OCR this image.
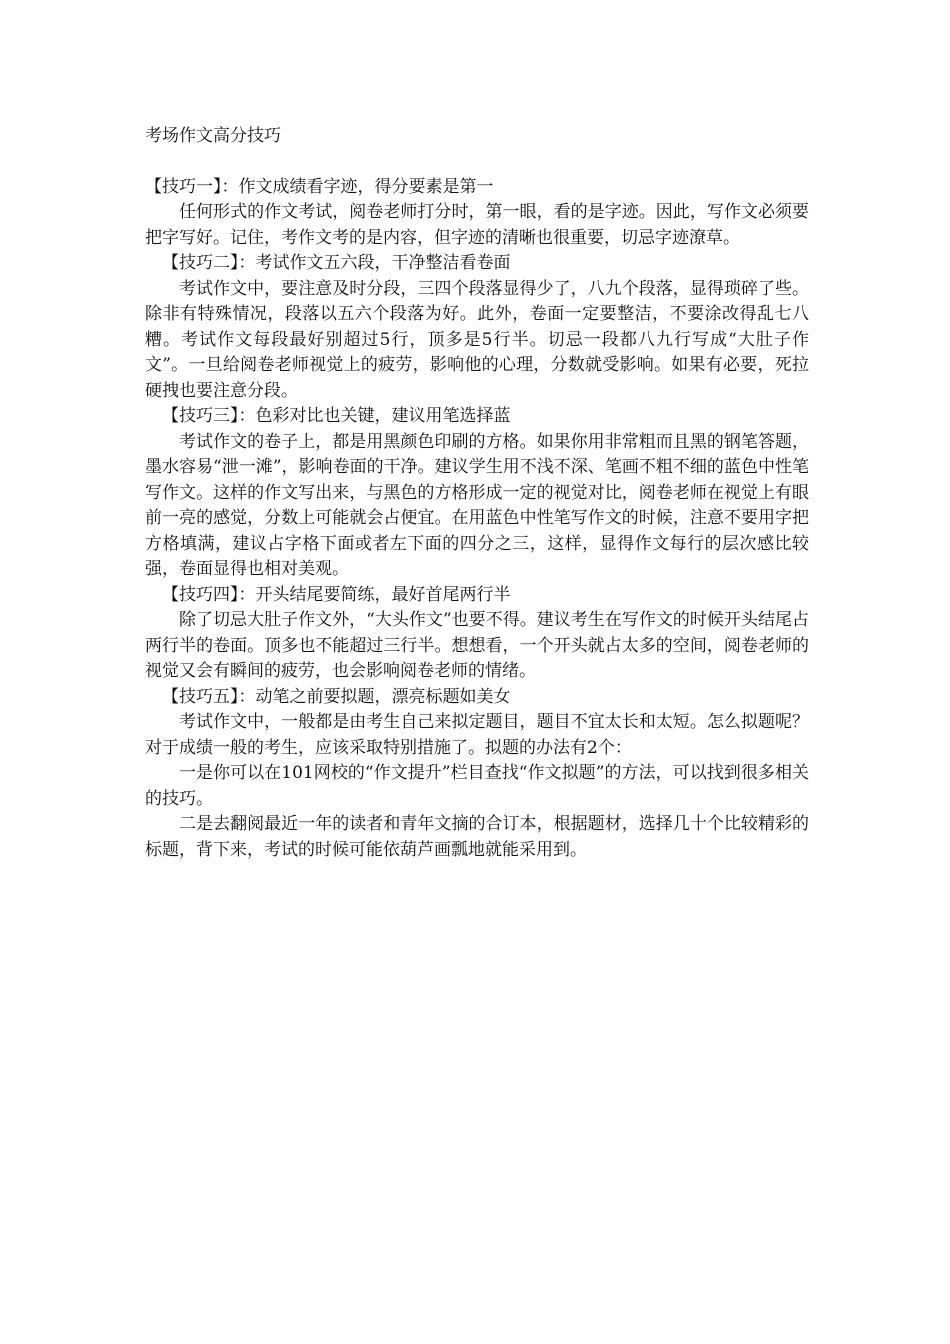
考场作文高分技巧

【技巧一】：作文成绩看字迹，得分要素是第一

任何形式的作文考试，阅卷老师打分时，第一眼，看的是字迹。因此，写作文必须要把字写好。记住，考作文考的是内容，但字迹的清晰也很重要，切忌字迹潦草。

【技巧二】：考试作文五六段，干净整洁看卷面

考试作文中，要注意及时分段，三四个段落显得少了，八九个段落，显得琐碎了些。除非有特殊情况，段落以五六个段落为好。此外，卷面一定要整洁，不要涂改得乱七八糟。考试作文每段最好别超过5行，顶多是5行半。切忌一段都八九行写成“大肚子作文”。一旦给阅卷老师视觉上的疲劳，影响他的心理，分数就受影响。如果有必要，死拉硬拽也要注意分段。

【技巧三】：色彩对比也关键，建议用笔选择蓝

考试作文的卷子上，都是用黑颜色印刷的方格。如果你用非常粗而且黑的钢笔答题，墨水容易“泄一滩”，影响卷面的干净。建议学生用不浅不深、笔画不粗不细的蓝色中性笔写作文。这样的作文写出来，与黑色的方格形成一定的视觉对比，阅卷老师在视觉上有眼前一亮的感觉，分数上可能就会占便宜。在用蓝色中性笔写作文的时候，注意不要用字把方格填满，建议占字格下面或者左下面的四分之三，这样，显得作文每行的层次感比较强，卷面显得也相对美观。

【技巧四】：开头结尾要简练，最好首尾两行半

除了切忌大肚子作文外，“大头作文”也要不得。建议考生在写作文的时候开头结尾占两行半的卷面。顶多也不能超过三行半。想想看，一个开头就占太多的空间，阅卷老师的视觉又会有瞬间的疲劳，也会影响阅卷老师的情绪。

【技巧五】：动笔之前要拟题，漂亮标题如美女

考试作文中，一般都是由考生自己来拟定题目，题目不宜太长和太短。怎么拟题呢？对于成绩一般的考生，应该采取特别措施了。拟题的办法有2个：

一是你可以在101网校的“作文提升”栏目查找“作文拟题”的方法，可以找到很多相关的技巧。

二是去翻阅最近一年的读者和青年文摘的合订本，根据题材，选择几十个比较精彩的标题，背下来，考试的时候可能依葫芦画瓢地就能采用到。
